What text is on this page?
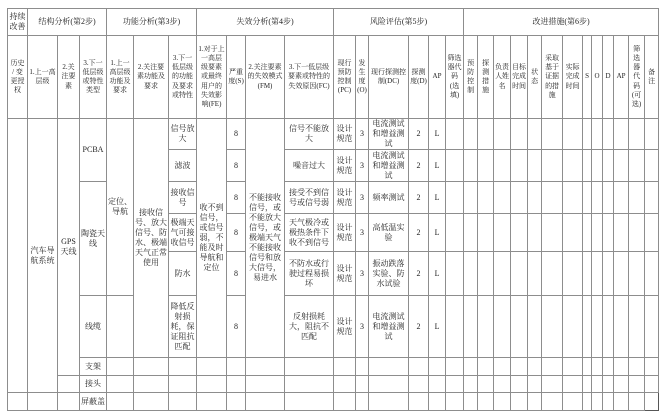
持续改善	结构分析(第2步)			功能分析(第3步)			失效分析(第4步)				风险评估(第5步)						改进措施(第6步)												
历史 / 变更授权	1.上一高层级	2.关注要素	3.下一低层级或特性类型	1.上一高层级功能及要求	2.关注要素功能及要求	3.下一低层级的功能及要求或特性	1.对于上一高层级要素或最终用户的失效影响(FE)	严重度(S)	2.关注要素的失效模式(FM)	3.下一低层级要素或特性的失效原因(FC)	现行预防控制(PC)	发生度(O)	现行探测控制(DC)	探测度(D)	AP	筛选器代码(选填)	预防控制	探测措施	负责人姓名	目标完成时间	状态	采取基于证据的措施	实际完成时间	S	O	D	AP	筛选器代码(可选)	备注
	汽车导航系统	GPS天线	PCBA	定位、导航	接收信号、放大信号、防水、极端天气正常使用	信号放大	收不到信号，或信号弱，不能及时导航和定位	8	不能接收信号，或不能放大信号，或极端天气不能接收信号和放大信号，易进水	信号不能放大	设计规范	3	电流测试和增益测试	2	L														
						滤波		8		噪音过大	设计规范	3	电流测试和增益测试	2	L														
			陶瓷天线			接收信号		8		接受不到信号或信号弱	设计规范	3	频率测试	2	L														
						极端天气可接收信号		8		天气极冷或极热条件下收不到信号	设计规范	3	高低温实验	2	L														
						防水		8		不防水或行驶过程易损坏	设计规范	3	振动跌落实验、防水试验	2	L														
			线缆			降低反射损耗，保证阻抗匹配		8		反射损耗大，阻抗不匹配	设计规范	3	电流测试和增益测试	2	L														
			支架																										
			接头																										
			屏蔽盖																										
